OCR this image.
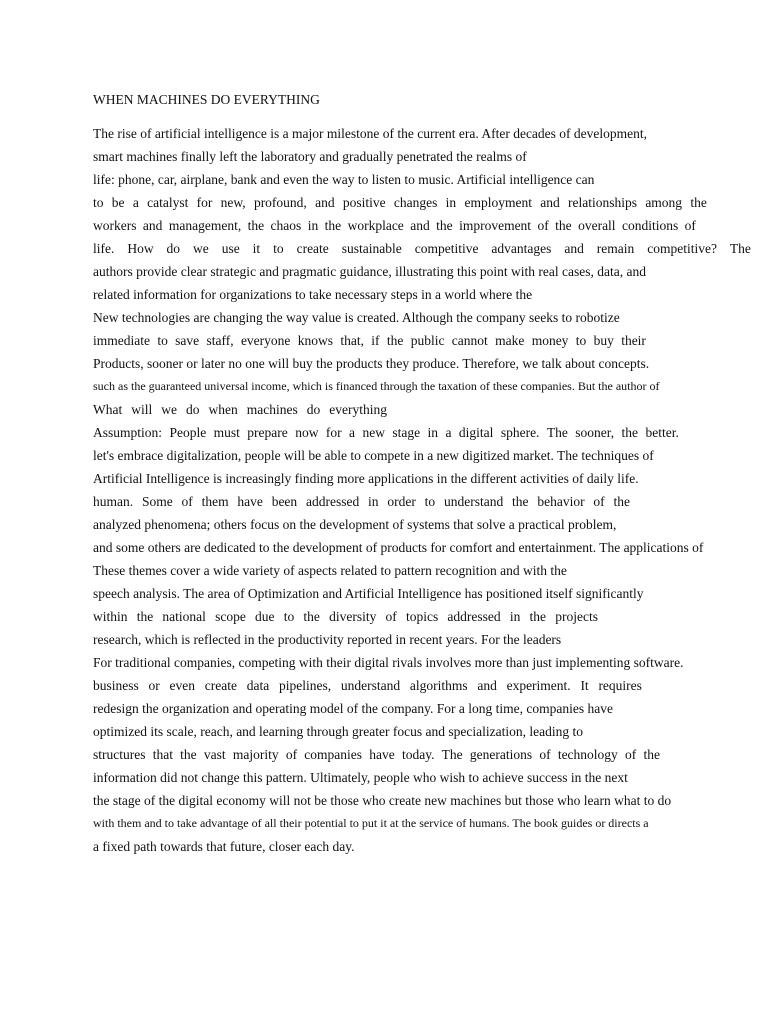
WHEN MACHINES DO EVERYTHING
The rise of artificial intelligence is a major milestone of the current era. After decades of development,
smart machines finally left the laboratory and gradually penetrated the realms of
life: phone, car, airplane, bank and even the way to listen to music. Artificial intelligence can
to be a catalyst for new, profound, and positive changes in employment and relationships among the
workers and management, the chaos in the workplace and the improvement of the overall conditions of
life. How do we use it to create sustainable competitive advantages and remain competitive? The
authors provide clear strategic and pragmatic guidance, illustrating this point with real cases, data, and
related information for organizations to take necessary steps in a world where the
New technologies are changing the way value is created. Although the company seeks to robotize
immediate to save staff, everyone knows that, if the public cannot make money to buy their
Products, sooner or later no one will buy the products they produce. Therefore, we talk about concepts.
such as the guaranteed universal income, which is financed through the taxation of these companies. But the author of
What will we do when machines do everything
Assumption: People must prepare now for a new stage in a digital sphere. The sooner, the better.
let's embrace digitalization, people will be able to compete in a new digitized market. The techniques of
Artificial Intelligence is increasingly finding more applications in the different activities of daily life.
human. Some of them have been addressed in order to understand the behavior of the
analyzed phenomena; others focus on the development of systems that solve a practical problem,
and some others are dedicated to the development of products for comfort and entertainment. The applications of
These themes cover a wide variety of aspects related to pattern recognition and with the
speech analysis. The area of Optimization and Artificial Intelligence has positioned itself significantly
within the national scope due to the diversity of topics addressed in the projects
research, which is reflected in the productivity reported in recent years. For the leaders
For traditional companies, competing with their digital rivals involves more than just implementing software.
business or even create data pipelines, understand algorithms and experiment. It requires
redesign the organization and operating model of the company. For a long time, companies have
optimized its scale, reach, and learning through greater focus and specialization, leading to
structures that the vast majority of companies have today. The generations of technology of the
information did not change this pattern. Ultimately, people who wish to achieve success in the next
the stage of the digital economy will not be those who create new machines but those who learn what to do
with them and to take advantage of all their potential to put it at the service of humans. The book guides or directs a
a fixed path towards that future, closer each day.
